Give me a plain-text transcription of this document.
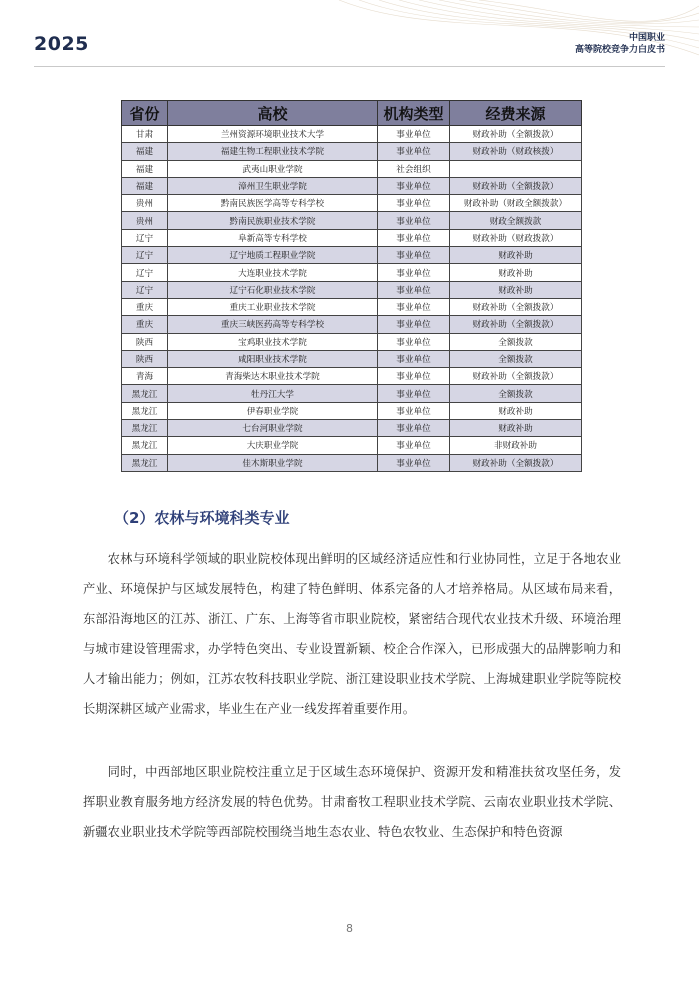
2025	中国职业
高等院校竞争力白皮书
省份	高校	机构类型	经费来源
甘肃	兰州资源环境职业技术大学	事业单位	财政补助（全额拨款）
福建	福建生物工程职业技术学院	事业单位	财政补助（财政核拨）
福建	武夷山职业学院	社会组织	
福建	漳州卫生职业学院	事业单位	财政补助（全额拨款）
贵州	黔南民族医学高等专科学校	事业单位	财政补助（财政全额拨款）
贵州	黔南民族职业技术学院	事业单位	财政全额拨款
辽宁	阜新高等专科学校	事业单位	财政补助（财政拨款）
辽宁	辽宁地质工程职业学院	事业单位	财政补助
辽宁	大连职业技术学院	事业单位	财政补助
辽宁	辽宁石化职业技术学院	事业单位	财政补助
重庆	重庆工业职业技术学院	事业单位	财政补助（全额拨款）
重庆	重庆三峡医药高等专科学校	事业单位	财政补助（全额拨款）
陕西	宝鸡职业技术学院	事业单位	全额拨款
陕西	咸阳职业技术学院	事业单位	全额拨款
青海	青海柴达木职业技术学院	事业单位	财政补助（全额拨款）
黑龙江	牡丹江大学	事业单位	全额拨款
黑龙江	伊春职业学院	事业单位	财政补助
黑龙江	七台河职业学院	事业单位	财政补助
黑龙江	大庆职业学院	事业单位	非财政补助
黑龙江	佳木斯职业学院	事业单位	财政补助（全额拨款）
（2）农林与环境科类专业

农林与环境科学领域的职业院校体现出鲜明的区域经济适应性和行业协同性，立足于各地农业产业、环境保护与区域发展特色，构建了特色鲜明、体系完备的人才培养格局。从区域布局来看，东部沿海地区的江苏、浙江、广东、上海等省市职业院校，紧密结合现代农业技术升级、环境治理与城市建设管理需求，办学特色突出、专业设置新颖、校企合作深入，已形成强大的品牌影响力和人才输出能力；例如，江苏农牧科技职业学院、浙江建设职业技术学院、上海城建职业学院等院校长期深耕区域产业需求，毕业生在产业一线发挥着重要作用。

同时，中西部地区职业院校注重立足于区域生态环境保护、资源开发和精准扶贫攻坚任务，发挥职业教育服务地方经济发展的特色优势。甘肃畜牧工程职业技术学院、云南农业职业技术学院、新疆农业职业技术学院等西部院校围绕当地生态农业、特色农牧业、生态保护和特色资源

8
